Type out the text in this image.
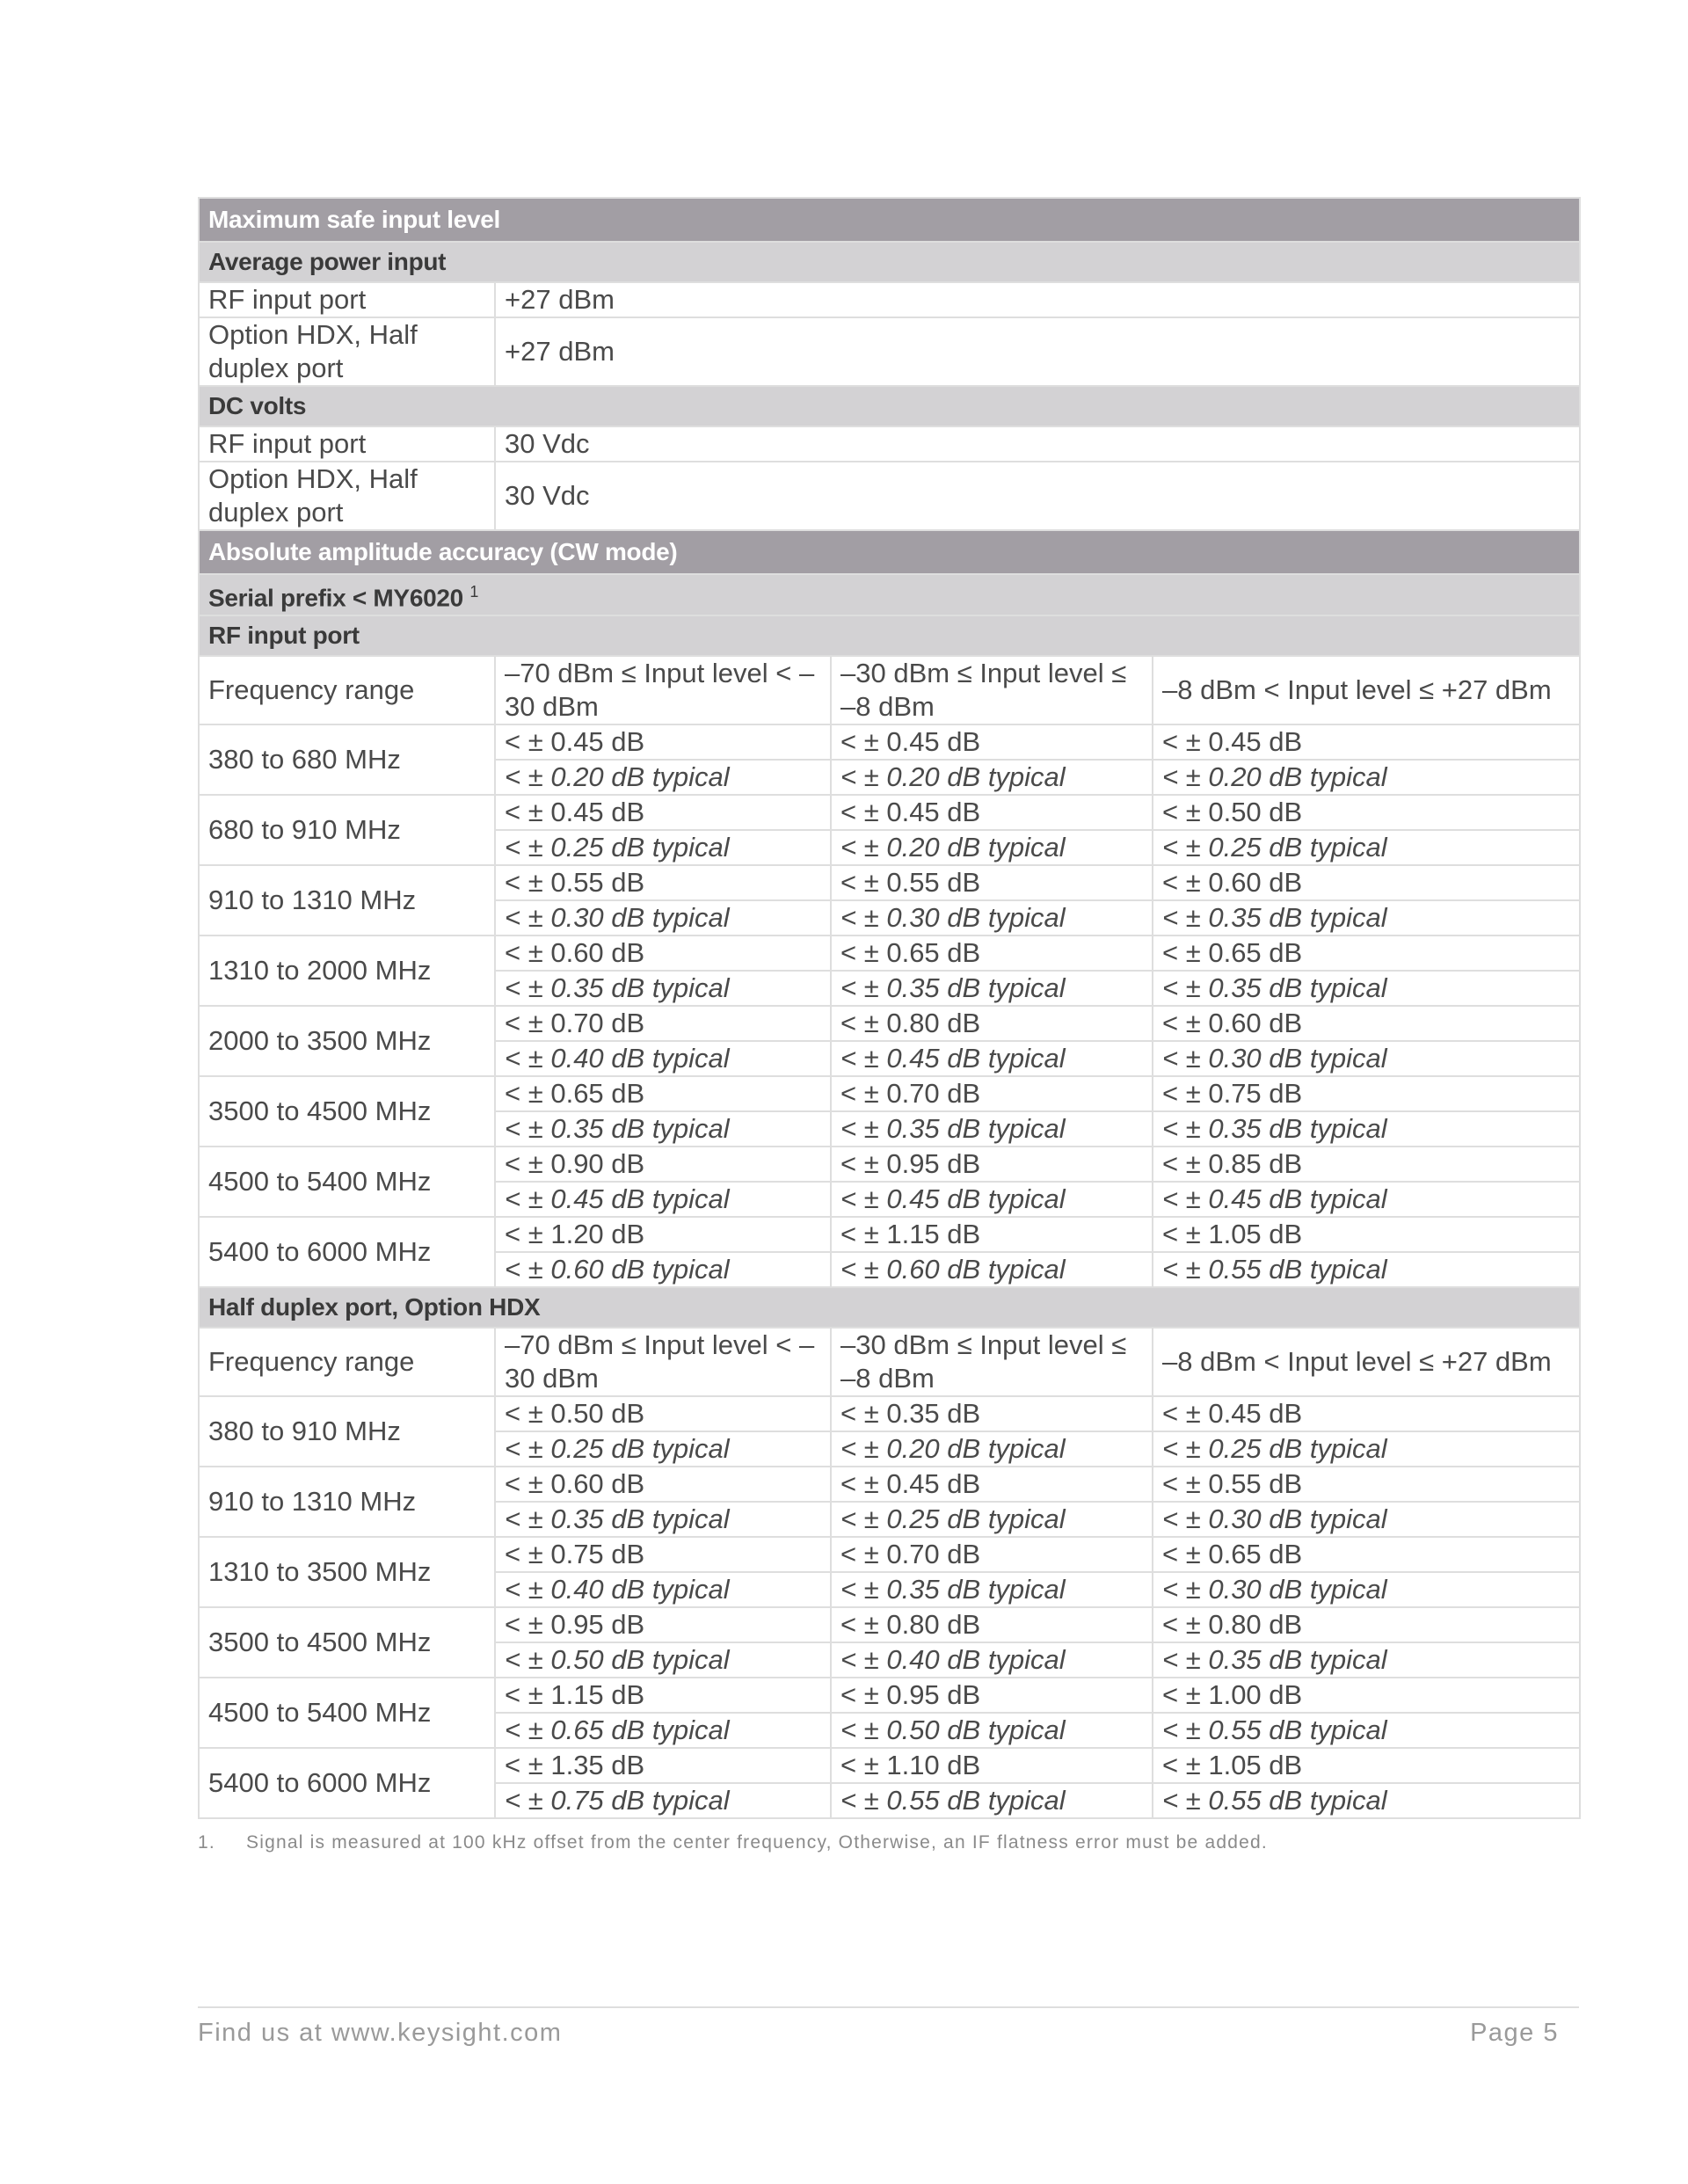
Maximum safe input level			
Average power input			
RF input port	+27 dBm		
Option HDX, Half duplex port	+27 dBm		
DC volts			
RF input port	30 Vdc		
Option HDX, Half duplex port	30 Vdc		
Absolute amplitude accuracy (CW mode)			
Serial prefix < MY6020 $^1$
RF input port			
Frequency range	–70 dBm ≤ Input level < –30 dBm	–30 dBm ≤ Input level ≤ –8 dBm	–8 dBm < Input level ≤ +27 dBm
380 to 680 MHz	< ± 0.45 dB	< ± 0.45 dB	< ± 0.45 dB
	< ± 0.20 dB typical	< ± 0.20 dB typical	< ± 0.20 dB typical
680 to 910 MHz	< ± 0.45 dB	< ± 0.45 dB	< ± 0.50 dB
	< ± 0.25 dB typical	< ± 0.20 dB typical	< ± 0.25 dB typical
910 to 1310 MHz	< ± 0.55 dB	< ± 0.55 dB	< ± 0.60 dB
	< ± 0.30 dB typical	< ± 0.30 dB typical	< ± 0.35 dB typical
1310 to 2000 MHz	< ± 0.60 dB	< ± 0.65 dB	< ± 0.65 dB
	< ± 0.35 dB typical	< ± 0.35 dB typical	< ± 0.35 dB typical
2000 to 3500 MHz	< ± 0.70 dB	< ± 0.80 dB	< ± 0.60 dB
	< ± 0.40 dB typical	< ± 0.45 dB typical	< ± 0.30 dB typical
3500 to 4500 MHz	< ± 0.65 dB	< ± 0.70 dB	< ± 0.75 dB
	< ± 0.35 dB typical	< ± 0.35 dB typical	< ± 0.35 dB typical
4500 to 5400 MHz	< ± 0.90 dB	< ± 0.95 dB	< ± 0.85 dB
	< ± 0.45 dB typical	< ± 0.45 dB typical	< ± 0.45 dB typical
5400 to 6000 MHz	< ± 1.20 dB	< ± 1.15 dB	< ± 1.05 dB
	< ± 0.60 dB typical	< ± 0.60 dB typical	< ± 0.55 dB typical
Half duplex port, Option HDX			
Frequency range	–70 dBm ≤ Input level < –30 dBm	–30 dBm ≤ Input level ≤ –8 dBm	–8 dBm < Input level ≤ +27 dBm
380 to 910 MHz	< ± 0.50 dB	< ± 0.35 dB	< ± 0.45 dB
	< ± 0.25 dB typical	< ± 0.20 dB typical	< ± 0.25 dB typical
910 to 1310 MHz	< ± 0.60 dB	< ± 0.45 dB	< ± 0.55 dB
	< ± 0.35 dB typical	< ± 0.25 dB typical	< ± 0.30 dB typical
1310 to 3500 MHz	< ± 0.75 dB	< ± 0.70 dB	< ± 0.65 dB
	< ± 0.40 dB typical	< ± 0.35 dB typical	< ± 0.30 dB typical
3500 to 4500 MHz	< ± 0.95 dB	< ± 0.80 dB	< ± 0.80 dB
	< ± 0.50 dB typical	< ± 0.40 dB typical	< ± 0.35 dB typical
4500 to 5400 MHz	< ± 1.15 dB	< ± 0.95 dB	< ± 1.00 dB
	< ± 0.65 dB typical	< ± 0.50 dB typical	< ± 0.55 dB typical
5400 to 6000 MHz	< ± 1.35 dB	< ± 1.10 dB	< ± 1.05 dB
	< ± 0.75 dB typical	< ± 0.55 dB typical	< ± 0.55 dB typical
1. Signal is measured at 100 kHz offset from the center frequency, Otherwise, an IF flatness error must be added.
Find us at www.keysight.com	Page 5
